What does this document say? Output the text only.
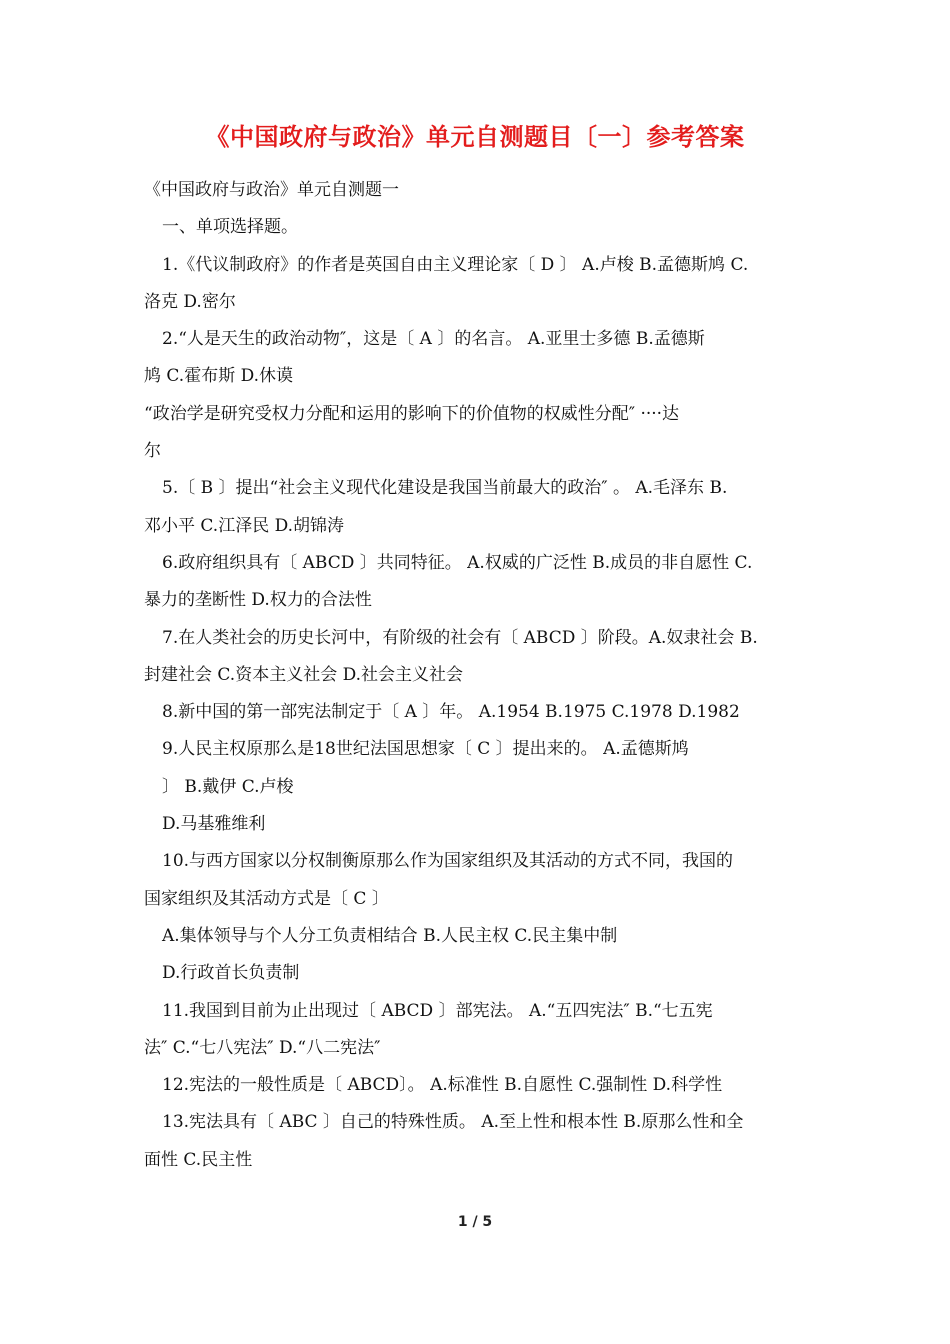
《中国政府与政治》单元自测题目〔一〕参考答案
《中国政府与政治》单元自测题一
一、单项选择题。
1.《代议制政府》的作者是英国自由主义理论家〔 D 〕 A.卢梭 B.孟德斯鸠 C.
洛克 D.密尔
2.“人是天生的政治动物″，这是〔 A 〕的名言。 A.亚里士多德 B.孟德斯
鸠 C.霍布斯 D.休谟
“政治学是研究受权力分配和运用的影响下的价值物的权威性分配″ ····达
尔
5.〔 B 〕提出“社会主义现代化建设是我国当前最大的政治″ 。 A.毛泽东 B.
邓小平 C.江泽民 D.胡锦涛
6.政府组织具有〔 ABCD 〕共同特征。 A.权威的广泛性 B.成员的非自愿性 C.
暴力的垄断性 D.权力的合法性
7.在人类社会的历史长河中，有阶级的社会有〔 ABCD 〕阶段。A.奴隶社会 B.
封建社会 C.资本主义社会 D.社会主义社会
8.新中国的第一部宪法制定于〔 A 〕年。 A.1954 B.1975 C.1978 D.1982
9.人民主权原那么是18世纪法国思想家〔 C 〕提出来的。 A.孟德斯鸠
〕 B.戴伊 C.卢梭
D.马基雅维利
10.与西方国家以分权制衡原那么作为国家组织及其活动的方式不同，我国的
国家组织及其活动方式是〔 C 〕
A.集体领导与个人分工负责相结合 B.人民主权 C.民主集中制
D.行政首长负责制
11.我国到目前为止出现过〔 ABCD 〕部宪法。 A.“五四宪法″ B.“七五宪
法″ C.“七八宪法″ D.“八二宪法″
12.宪法的一般性质是〔 ABCD〕。 A.标准性 B.自愿性 C.强制性 D.科学性
13.宪法具有〔 ABC 〕自己的特殊性质。 A.至上性和根本性 B.原那么性和全
面性 C.民主性
1 / 5
